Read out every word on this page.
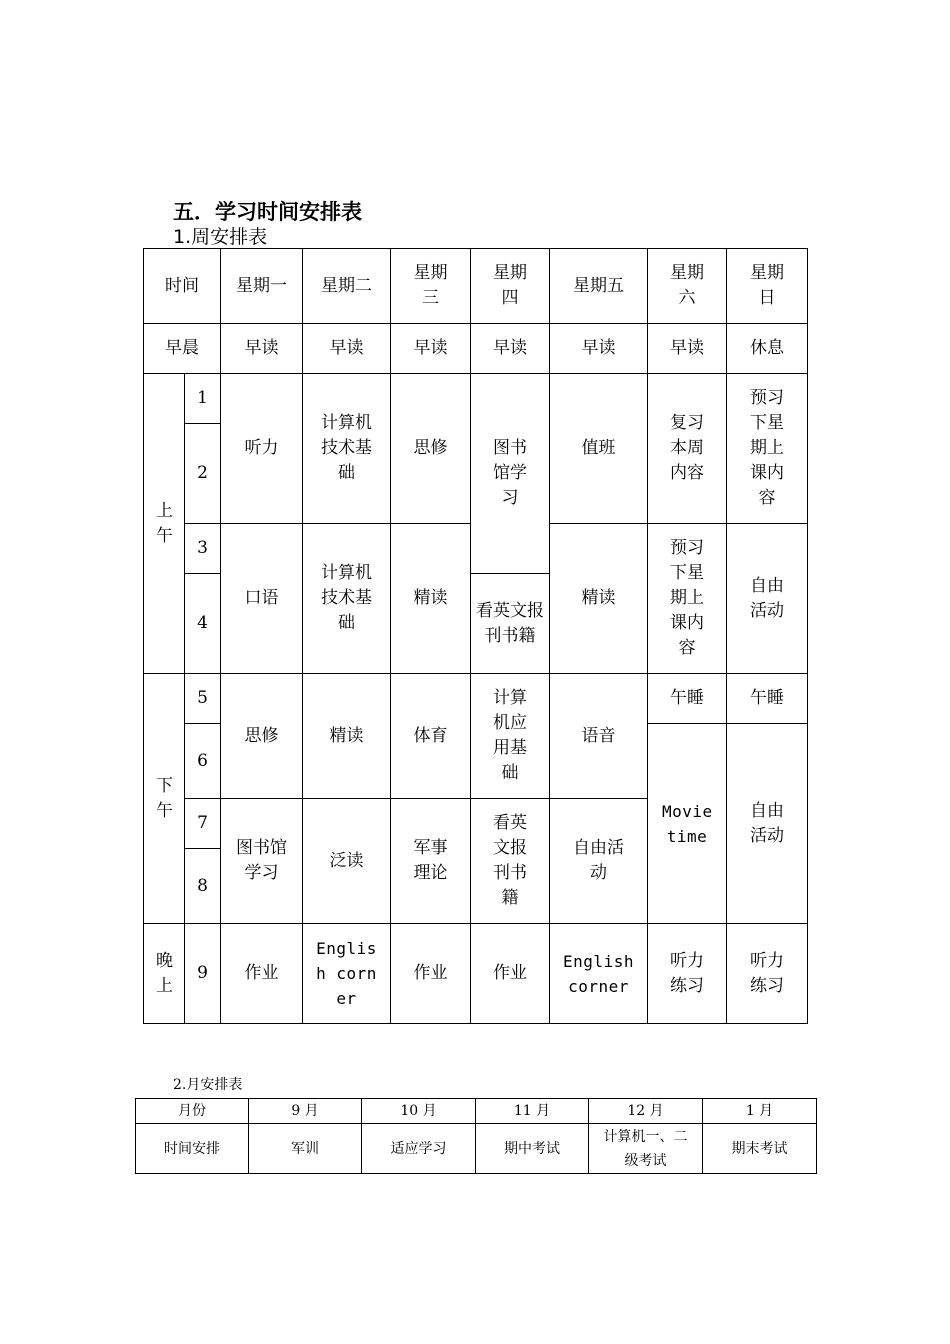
五．学习时间安排表
1.周安排表
时间		星期一	星期二	星期三	星期四	星期五	星期六	星期日
早晨		早读	早读	早读	早读	早读	早读	休息
上午	1	听力	计算机技术基础	思修	图书馆学习	值班	复习本周内容	预习下星期上课内容
	2							
	3	口语	计算机技术基础	精读		精读	预习下星期上课内容	自由活动
	4				看英文报刊书籍			
下午	5	思修	精读	体育	计算机应用基础	语音	午睡	午睡
	6						Movie time	自由活动
	7	图书馆学习	泛读	军事理论	看英文报刊书籍	自由活动		
	8							
晚上	9	作业	English corner	作业	作业	English corner	听力练习	听力练习
2.月安排表
月份	9 月	10 月	11 月	12 月	1 月
时间安排	军训	适应学习	期中考试	计算机一、二级考试	期末考试
